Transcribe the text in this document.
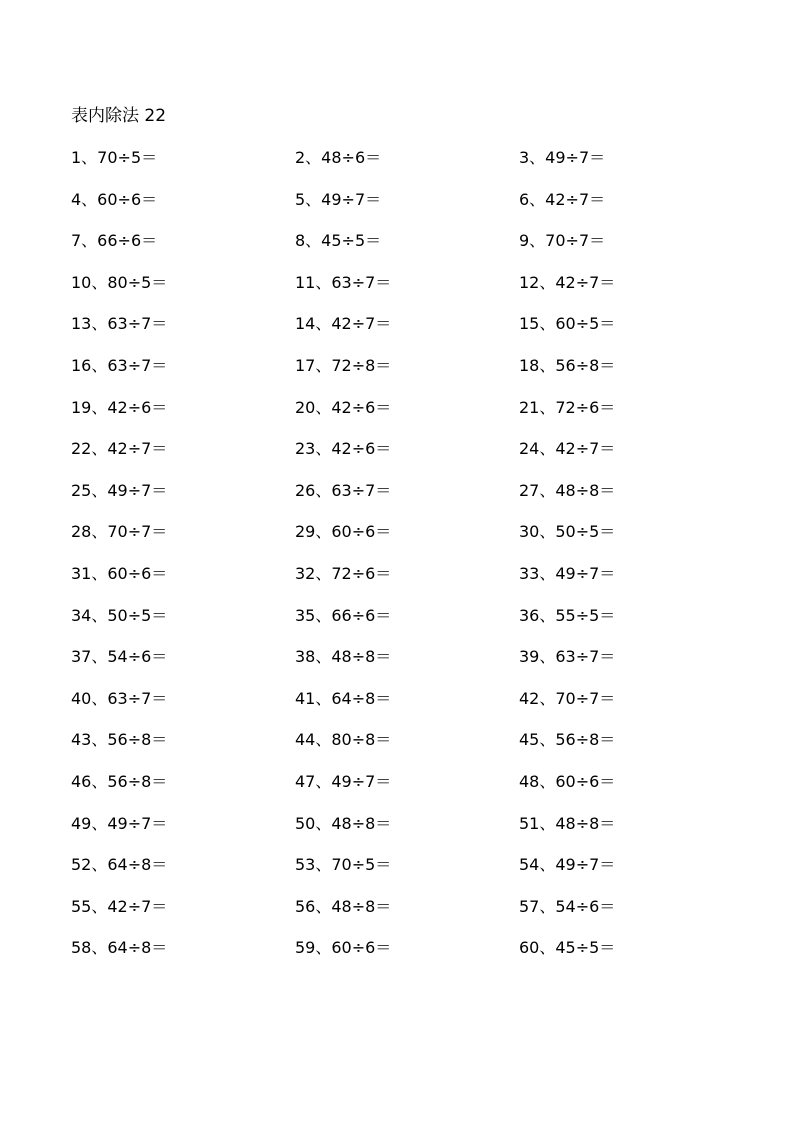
表内除法 22
1、70÷5＝	2、48÷6＝	3、49÷7＝
4、60÷6＝	5、49÷7＝	6、42÷7＝
7、66÷6＝	8、45÷5＝	9、70÷7＝
10、80÷5＝	11、63÷7＝	12、42÷7＝
13、63÷7＝	14、42÷7＝	15、60÷5＝
16、63÷7＝	17、72÷8＝	18、56÷8＝
19、42÷6＝	20、42÷6＝	21、72÷6＝
22、42÷7＝	23、42÷6＝	24、42÷7＝
25、49÷7＝	26、63÷7＝	27、48÷8＝
28、70÷7＝	29、60÷6＝	30、50÷5＝
31、60÷6＝	32、72÷6＝	33、49÷7＝
34、50÷5＝	35、66÷6＝	36、55÷5＝
37、54÷6＝	38、48÷8＝	39、63÷7＝
40、63÷7＝	41、64÷8＝	42、70÷7＝
43、56÷8＝	44、80÷8＝	45、56÷8＝
46、56÷8＝	47、49÷7＝	48、60÷6＝
49、49÷7＝	50、48÷8＝	51、48÷8＝
52、64÷8＝	53、70÷5＝	54、49÷7＝
55、42÷7＝	56、48÷8＝	57、54÷6＝
58、64÷8＝	59、60÷6＝	60、45÷5＝
